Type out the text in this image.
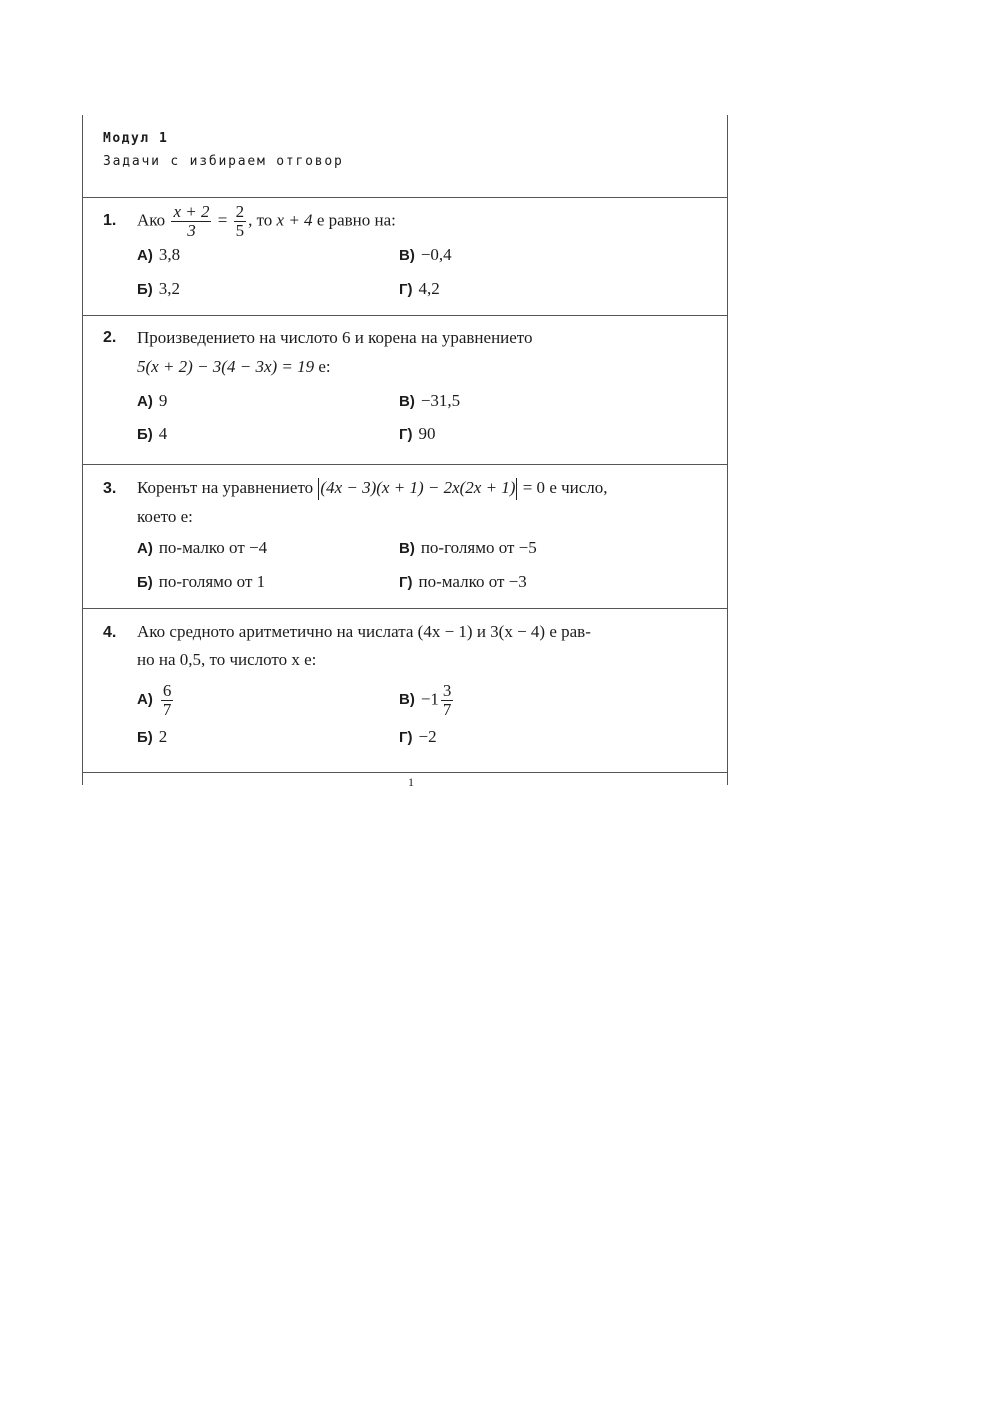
Модул 1
Задачи с избираем отговор
1. Ако $\frac{x + 2}{3} = \frac{2}{5}$ , то x + 4 е равно на:
А) 3,8	В) −0,4
Б) 3,2	Г) 4,2
2. Произведението на числото 6 и корена на уравнението
5(x + 2) − 3(4 − 3x) = 19 е:
А) 9	В) −31,5
Б) 4	Г) 90
3. Коренът на уравнението (4x − 3)(x + 1) − 2x(2x + 1) = 0 е число,
което е:
А) по-малко от −4	В) по-голямо от −5
Б) по-голямо от 1	Г) по-малко от −3
4. Ако средното аритметично на числата (4x − 1) и 3(x − 4) е рав-
но на 0,5, то числото x е:
$А) \frac{6}{7}$	$В) -1 \frac{3}{7}$
Б) 2	Г) −2
1
